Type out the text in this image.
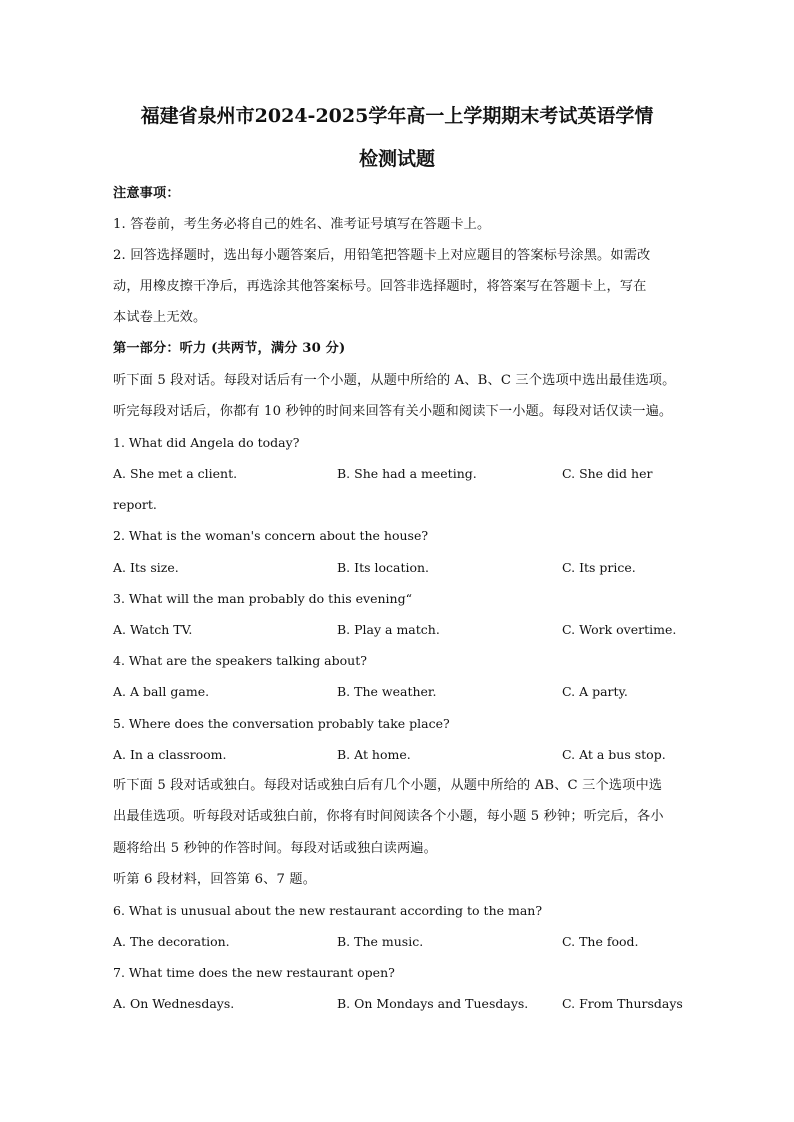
福建省泉州市2024-2025学年高一上学期期末考试英语学情
检测试题
注意事项：
1. 答卷前，考生务必将自己的姓名、准考证号填写在答题卡上。
2. 回答选择题时，选出每小题答案后，用铅笔把答题卡上对应题目的答案标号涂黑。如需改
动，用橡皮擦干净后，再选涂其他答案标号。回答非选择题时，将答案写在答题卡上，写在
本试卷上无效。
第一部分：听力 (共两节，满分 30 分)
听下面 5 段对话。每段对话后有一个小题，从题中所给的 A、B、C 三个选项中选出最佳选项。
听完每段对话后，你都有 10 秒钟的时间来回答有关小题和阅读下一小题。每段对话仅读一遍。
1. What did Angela do today?
A. She met a client.	B. She had a meeting.	C. She did her
report.
2. What is the woman's concern about the house?
A. Its size.	B. Its location.	C. Its price.
3. What will the man probably do this evening“
A. Watch TV.	B. Play a match.	C. Work overtime.
4. What are the speakers talking about?
A. A ball game.	B. The weather.	C. A party.
5. Where does the conversation probably take place?
A. In a classroom.	B. At home.	C. At a bus stop.
听下面 5 段对话或独白。每段对话或独白后有几个小题，从题中所给的 AB、C 三个选项中选
出最佳选项。听每段对话或独白前，你将有时间阅读各个小题，每小题 5 秒钟；听完后，各小
题将给出 5 秒钟的作答时间。每段对话或独白读两遍。
听第 6 段材料，回答第 6、7 题。
6. What is unusual about the new restaurant according to the man?
A. The decoration.	B. The music.	C. The food.
7. What time does the new restaurant open?
A. On Wednesdays.	B. On Mondays and Tuesdays.	C. From Thursdays
